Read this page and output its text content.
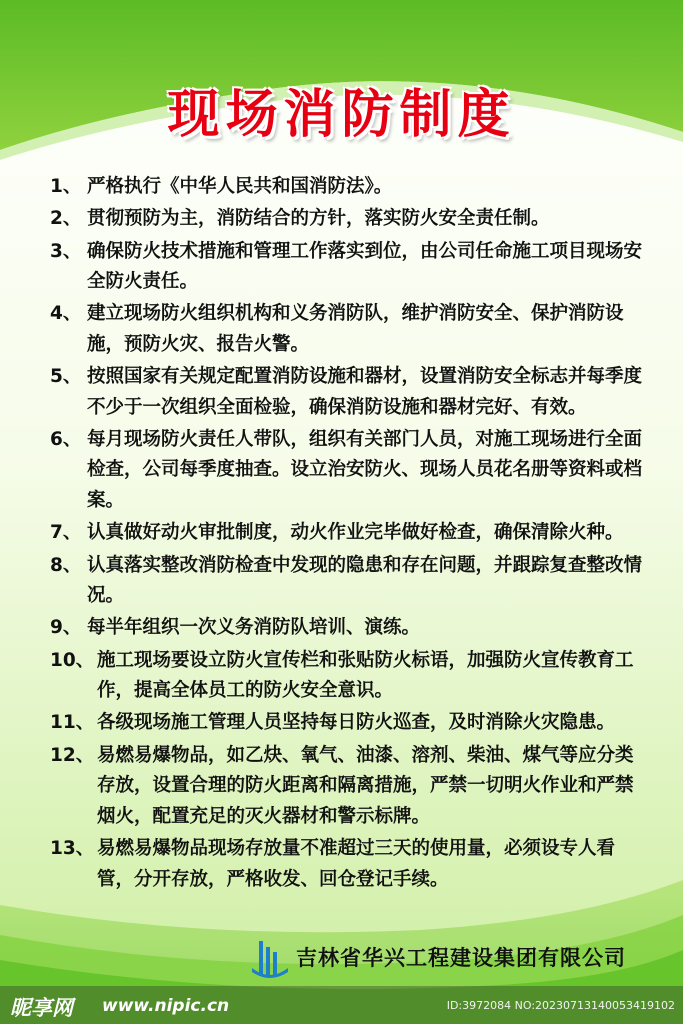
现场消防制度
1、 严格执行《中华人民共和国消防法》。
2、 贯彻预防为主，消防结合的方针，落实防火安全责任制。
3、 确保防火技术措施和管理工作落实到位，由公司任命施工项目现场安全防火责任。
4、 建立现场防火组织机构和义务消防队，维护消防安全、保护消防设施，预防火灾、报告火警。
5、 按照国家有关规定配置消防设施和器材，设置消防安全标志并每季度不少于一次组织全面检验，确保消防设施和器材完好、有效。
6、 每月现场防火责任人带队，组织有关部门人员，对施工现场进行全面检查，公司每季度抽查。设立治安防火、现场人员花名册等资料或档案。
7、 认真做好动火审批制度，动火作业完毕做好检查，确保清除火种。
8、 认真落实整改消防检查中发现的隐患和存在问题，并跟踪复查整改情况。
9、 每半年组织一次义务消防队培训、演练。
10、 施工现场要设立防火宣传栏和张贴防火标语，加强防火宣传教育工作，提高全体员工的防火安全意识。
11、 各级现场施工管理人员坚持每日防火巡查，及时消除火灾隐患。
12、 易燃易爆物品，如乙炔、氧气、油漆、溶剂、柴油、煤气等应分类存放，设置合理的防火距离和隔离措施，严禁一切明火作业和严禁烟火，配置充足的灭火器材和警示标牌。
13、 易燃易爆物品现场存放量不准超过三天的使用量，必须设专人看管，分开存放，严格收发、回仓登记手续。
吉林省华兴工程建设集团有限公司
昵享网 www.nipic.cn	ID:3972084 NO:20230713140053419102
